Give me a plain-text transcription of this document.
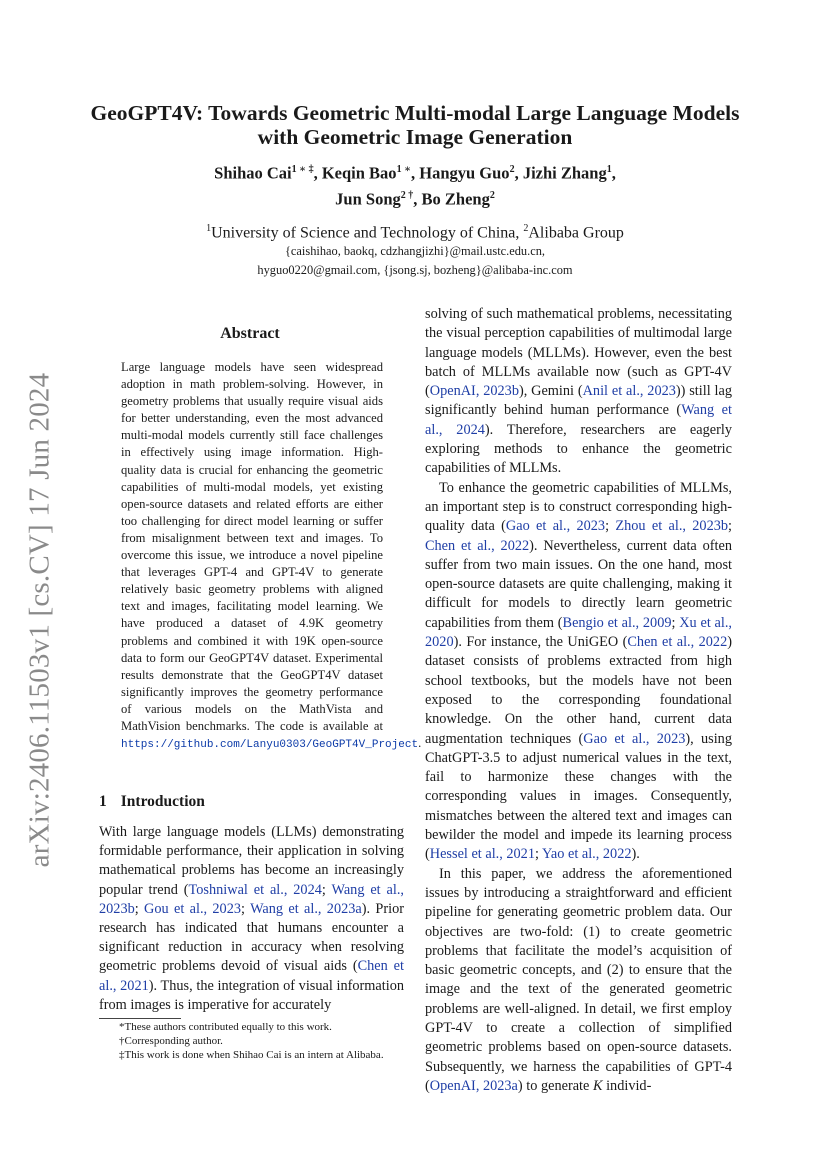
arXiv:2406.11503v1 [cs.CV] 17 Jun 2024
GeoGPT4V: Towards Geometric Multi-modal Large Language Models
with Geometric Image Generation
Shihao Cai$^{1 ∗ \ddagger}$, Keqin Bao$^{1 ∗}$, Hangyu Guo$^2$, Jizhi Zhang$^1$,
Jun Song$^{2 \dagger}$, Bo Zheng$^2$
$^1$University of Science and Technology of China, $^2$Alibaba Group
{caishihao, baokq, cdzhangjizhi}@mail.ustc.edu.cn,
hyguo0220@gmail.com, {jsong.sj, bozheng}@alibaba-inc.com
Abstract
Large language models have seen widespread adoption in math problem-solving. However, in geometry problems that usually require visual aids for better understanding, even the most advanced multi-modal models currently still face challenges in effectively using image information. High-quality data is crucial for enhancing the geometric capabilities of multi-modal models, yet existing open-source datasets and related efforts are either too challenging for direct model learning or suffer from misalignment between text and images. To overcome this issue, we introduce a novel pipeline that leverages GPT-4 and GPT-4V to generate relatively basic geometry problems with aligned text and images, facilitating model learning. We have produced a dataset of 4.9K geometry problems and combined it with 19K open-source data to form our GeoGPT4V dataset. Experimental results demonstrate that the GeoGPT4V dataset significantly improves the geometry performance of various models on the MathVista and MathVision benchmarks. The code is available at https://github.com/Lanyu0303/GeoGPT4V_Project.
1 Introduction
With large language models (LLMs) demonstrating formidable performance, their application in solving mathematical problems has become an increasingly popular trend (Toshniwal et al., 2024; Wang et al., 2023b; Gou et al., 2023; Wang et al., 2023a). Prior research has indicated that humans encounter a significant reduction in accuracy when resolving geometric problems devoid of visual aids (Chen et al., 2021). Thus, the integration of visual information from images is imperative for accurately
*These authors contributed equally to this work.
†Corresponding author.
‡This work is done when Shihao Cai is an intern at Alibaba.

solving of such mathematical problems, necessitating the visual perception capabilities of multimodal large language models (MLLMs). However, even the best batch of MLLMs available now (such as GPT-4V (OpenAI, 2023b), Gemini (Anil et al., 2023)) still lag significantly behind human performance (Wang et al., 2024). Therefore, researchers are eagerly exploring methods to enhance the geometric capabilities of MLLMs.

To enhance the geometric capabilities of MLLMs, an important step is to construct corresponding high-quality data (Gao et al., 2023; Zhou et al., 2023b; Chen et al., 2022). Nevertheless, current data often suffer from two main issues. On the one hand, most open-source datasets are quite challenging, making it difficult for models to directly learn geometric capabilities from them (Bengio et al., 2009; Xu et al., 2020). For instance, the UniGEO (Chen et al., 2022) dataset consists of problems extracted from high school textbooks, but the models have not been exposed to the corresponding foundational knowledge. On the other hand, current data augmentation techniques (Gao et al., 2023), using ChatGPT-3.5 to adjust numerical values in the text, fail to harmonize these changes with the corresponding values in images. Consequently, mismatches between the altered text and images can bewilder the model and impede its learning process (Hessel et al., 2021; Yao et al., 2022).

In this paper, we address the aforementioned issues by introducing a straightforward and efficient pipeline for generating geometric problem data. Our objectives are two-fold: (1) to create geometric problems that facilitate the model’s acquisition of basic geometric concepts, and (2) to ensure that the image and the text of the generated geometric problems are well-aligned. In detail, we first employ GPT-4V to create a collection of simplified geometric problems based on open-source datasets. Subsequently, we harness the capabilities of GPT-4 (OpenAI, 2023a) to generate K individ-
